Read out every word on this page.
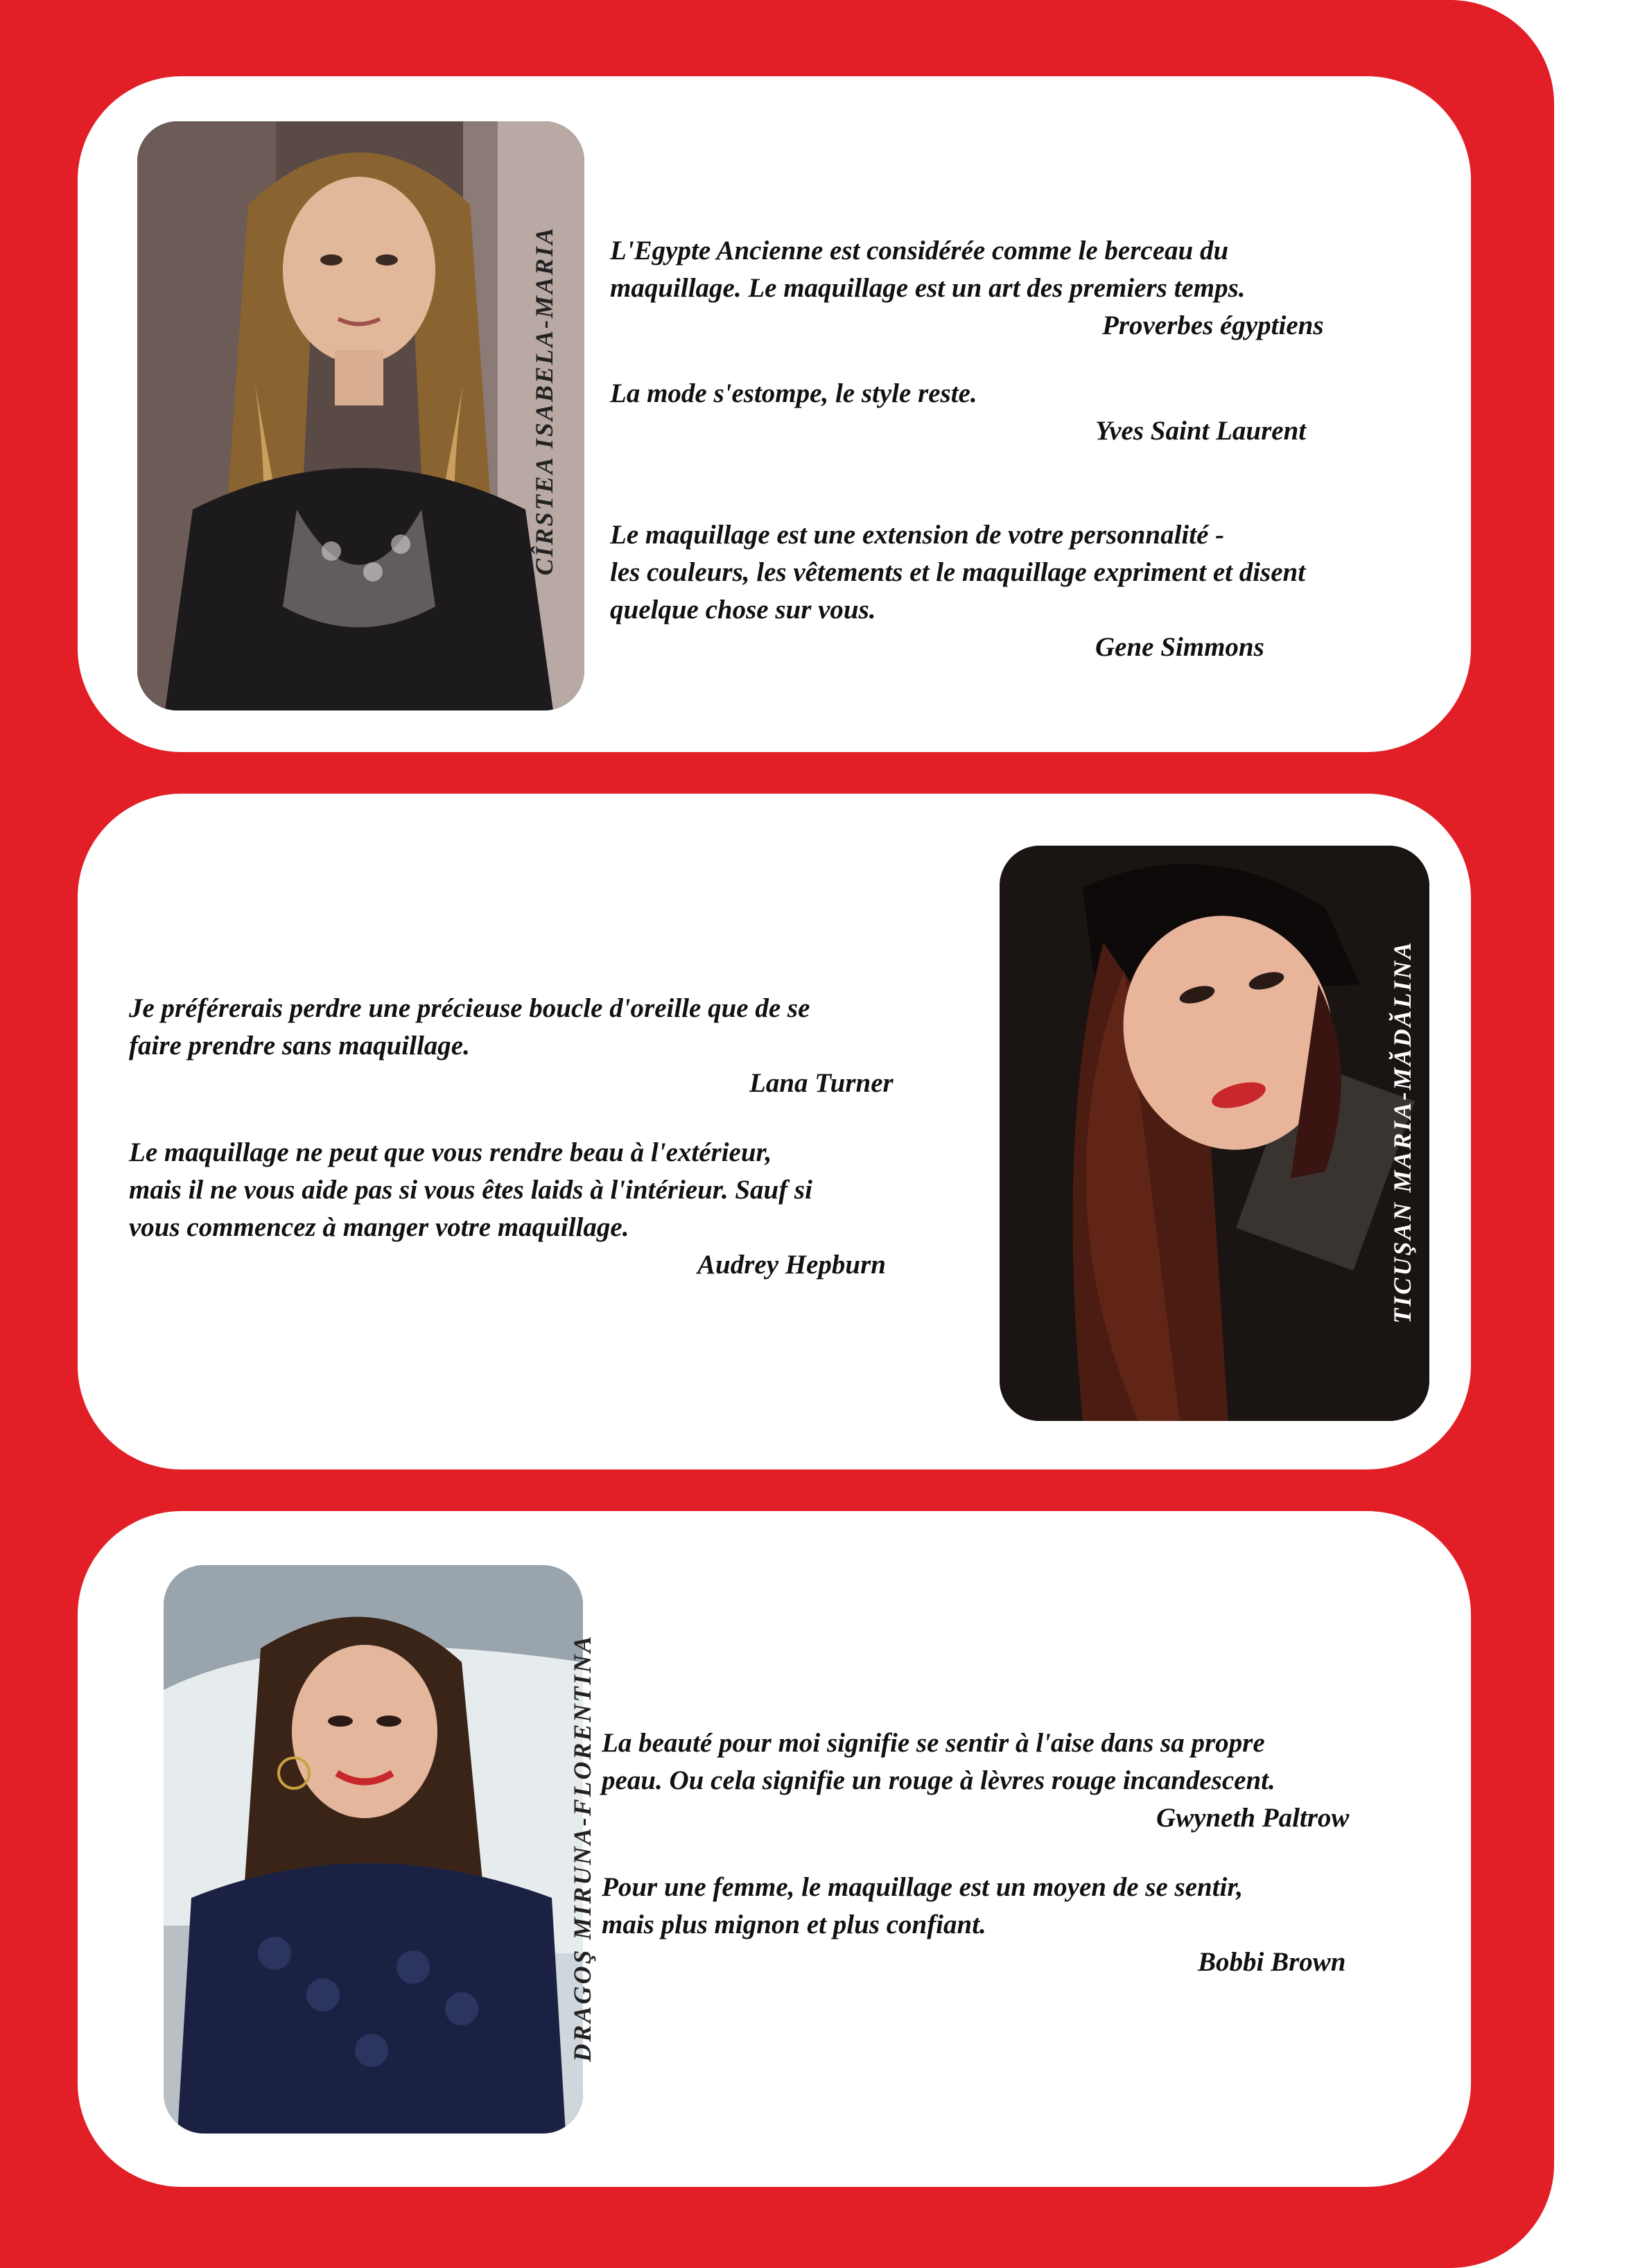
CÎRSTEA ISABELA-MARIA L'Egypte Ancienne est considérée comme le berceau du
maquillage. Le maquillage est un art des premiers temps.
Proverbes égyptiens
La mode s'estompe, le style reste.
Yves Saint Laurent
Le maquillage est une extension de votre personnalité -
les couleurs, les vêtements et le maquillage expriment et disent
quelque chose sur vous.
Gene Simmons
TICUŞAN MARIA-MĂDĂLINA
Je préférerais perdre une précieuse boucle d'oreille que de se
faire prendre sans maquillage.
Lana Turner
Le maquillage ne peut que vous rendre beau à l'extérieur,
mais il ne vous aide pas si vous êtes laids à l'intérieur. Sauf si
vous commencez à manger votre maquillage.
Audrey Hepburn
DRAGOŞ MIRUNA-FLORENTINA La beauté pour moi signifie se sentir à l'aise dans sa propre
peau. Ou cela signifie un rouge à lèvres rouge incandescent.
Gwyneth Paltrow
Pour une femme, le maquillage est un moyen de se sentir,
mais plus mignon et plus confiant.
Bobbi Brown
